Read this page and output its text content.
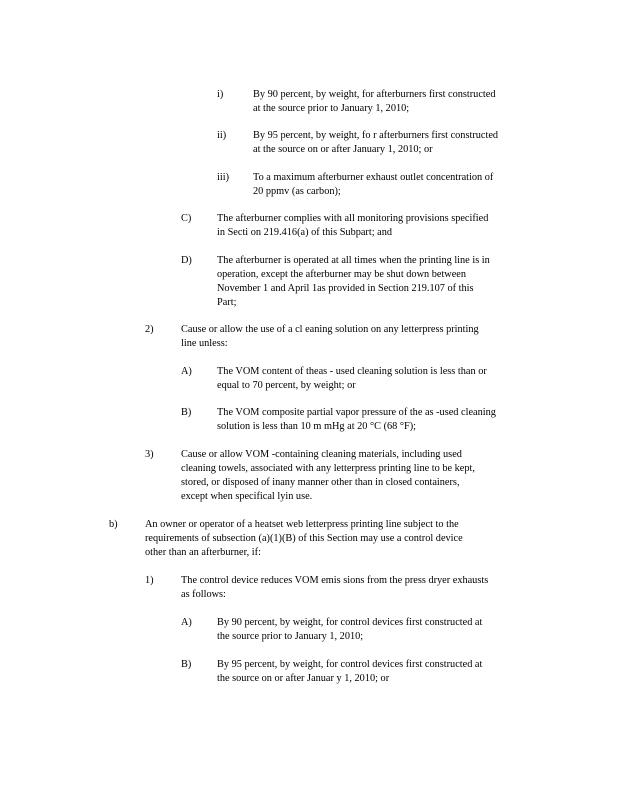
i)	By 90 percent, by weight, for afterburners first constructed
at the source prior to January 1, 2010;
ii)	By 95 percent, by weight, fo r afterburners first constructed
at the source on or after January 1, 2010; or
iii) To a maximum afterburner exhaust outlet concentration of
20 ppmv (as carbon);
C) The afterburner complies with all monitoring provisions specified
in Secti on 219.416(a) of this Subpart; and
D) The afterburner is operated at all times when the printing line is in
operation, except the afterburner may be shut down between
November 1 and April 1as provided in Section 219.107 of this
Part;
2)	Cause or allow the use of a cl eaning solution on any letterpress printing
line unless:
A) The VOM content of theas - used cleaning solution is less than or
equal to 70 percent, by weight; or
B) The VOM composite partial vapor pressure of the as -used cleaning
solution is less than 10 m mHg at 20 °C (68 °F);
3)	Cause or allow VOM -containing cleaning materials, including used
cleaning towels, associated with any letterpress printing line to be kept,
stored, or disposed of inany manner other than in closed containers,
except when specifical lyin use.
b)	An owner or operator of a heatset web letterpress printing line subject to the
requirements of subsection (a)(1)(B) of this Section may use a control device
other than an afterburner, if:
1)	The control device reduces VOM emis sions from the press dryer exhausts
as follows:
A) By 90 percent, by weight, for control devices first constructed at
the source prior to January 1, 2010;
B) By 95 percent, by weight, for control devices first constructed at
the source on or after Januar y 1, 2010; or
